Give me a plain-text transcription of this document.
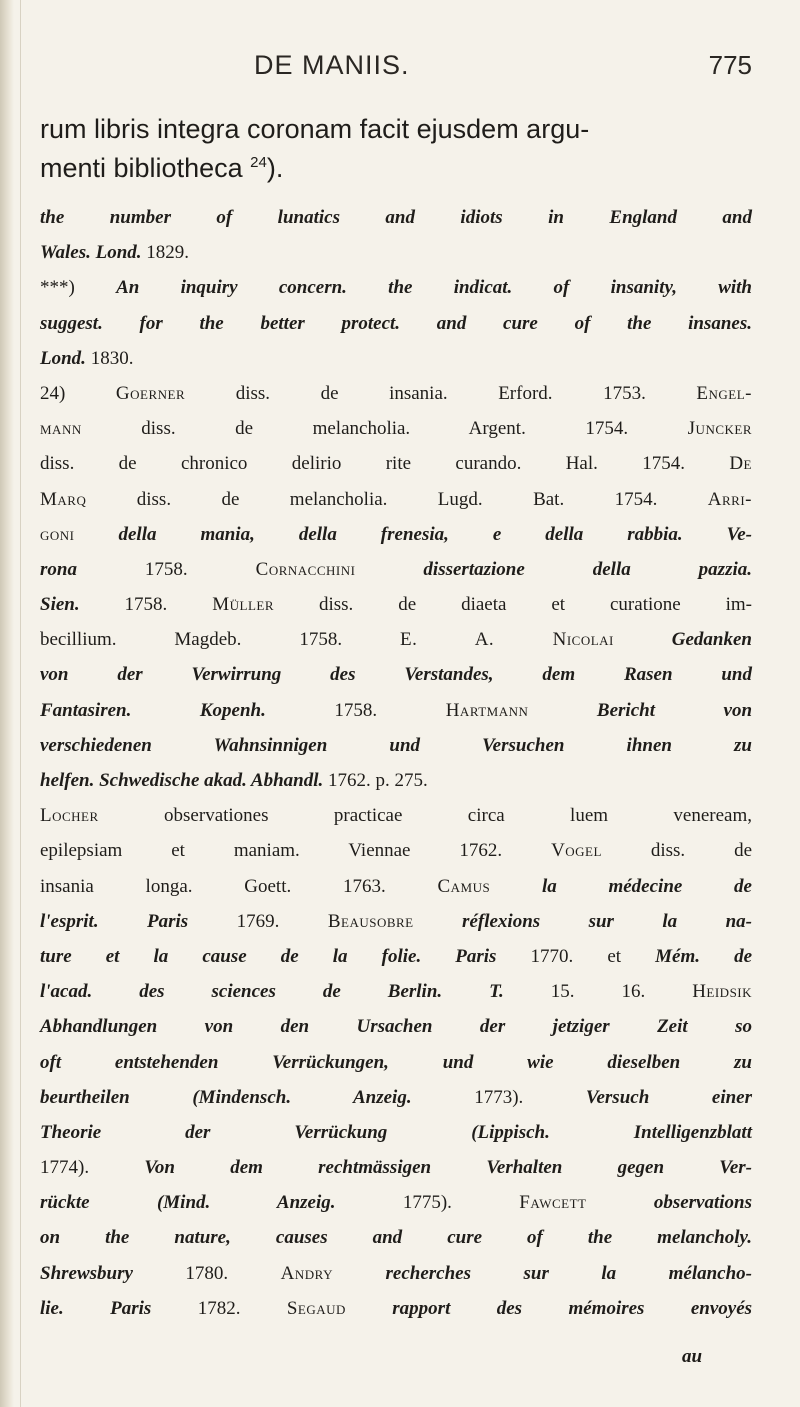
DE MANIIS.	775
rum libris integra coronam facit ejusdem argu-
menti bibliotheca $^{24}$).
the number of lunatics and idiots in England and
Wales. Lond. 1829.
***) An inquiry concern. the indicat. of insanity, with
suggest. for the better protect. and cure of the insanes.
Lond. 1830.
24) Goerner diss. de insania. Erford. 1753. Engel-
mann diss. de melancholia. Argent. 1754. Juncker
diss. de chronico delirio rite curando. Hal. 1754. De
Marq diss. de melancholia. Lugd. Bat. 1754. Arri-
goni della mania, della frenesia, e della rabbia. Ve-
rona 1758. Cornacchini dissertazione della pazzia.
Sien. 1758. Müller diss. de diaeta et curatione im-
becillium. Magdeb. 1758. E. A. Nicolai Gedanken
von der Verwirrung des Verstandes, dem Rasen und
Fantasiren. Kopenh. 1758. Hartmann Bericht von
verschiedenen Wahnsinnigen und Versuchen ihnen zu
helfen. Schwedische akad. Abhandl. 1762. p. 275.
Locher observationes practicae circa luem veneream,
epilepsiam et maniam. Viennae 1762. Vogel diss. de
insania longa. Goett. 1763. Camus la médecine de
l'esprit. Paris 1769. Beausobre réflexions sur la na-
ture et la cause de la folie. Paris 1770. et Mém. de
l'acad. des sciences de Berlin. T. 15. 16. Heidsik
Abhandlungen von den Ursachen der jetziger Zeit so
oft entstehenden Verrückungen, und wie dieselben zu
beurtheilen (Mindensch. Anzeig. 1773). Versuch einer
Theorie der Verrückung (Lippisch. Intelligenzblatt
1774). Von dem rechtmässigen Verhalten gegen Ver-
rückte (Mind. Anzeig. 1775). Fawcett observations
on the nature, causes and cure of the melancholy.
Shrewsbury 1780. Andry recherches sur la mélancho-
lie. Paris 1782. Segaud rapport des mémoires envoyés
au
